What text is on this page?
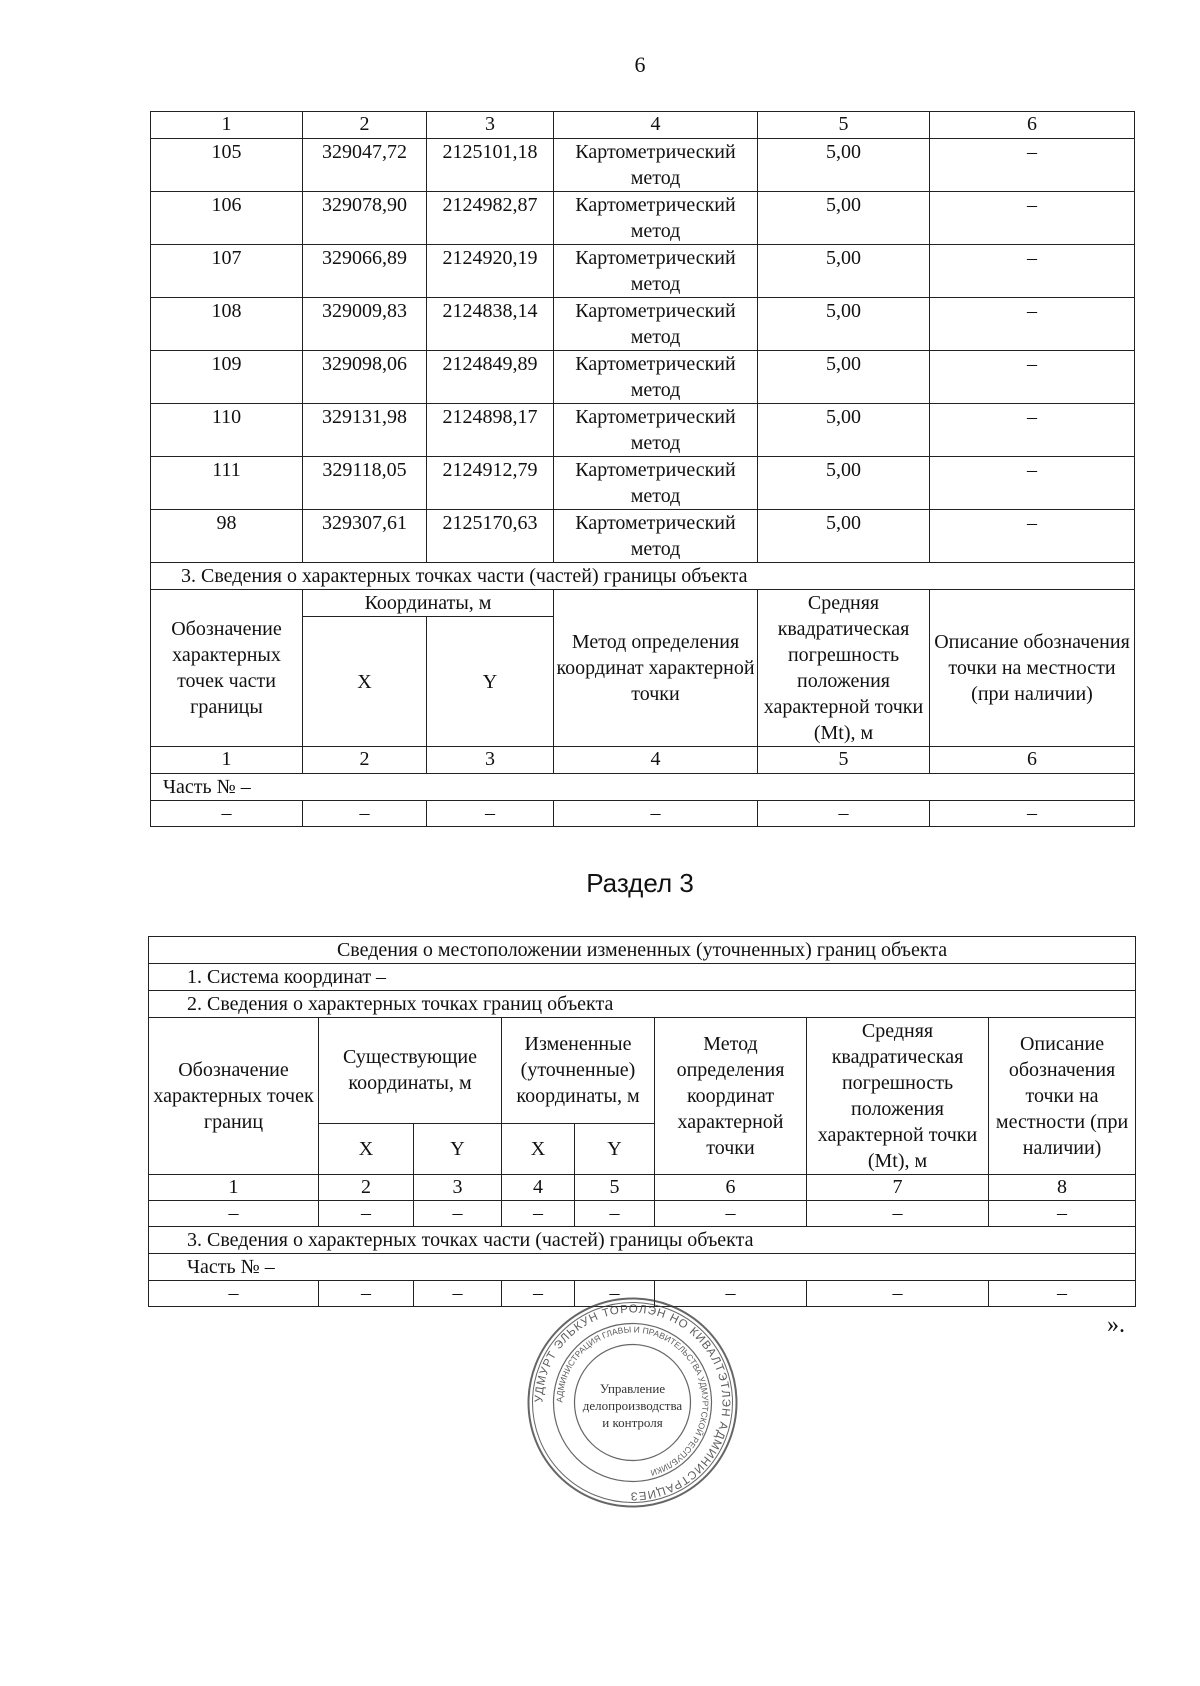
6
1	2	3	4	5	6
105	329047,72	2125101,18	Картометрический метод	5,00	–
106	329078,90	2124982,87	Картометрический метод	5,00	–
107	329066,89	2124920,19	Картометрический метод	5,00	–
108	329009,83	2124838,14	Картометрический метод	5,00	–
109	329098,06	2124849,89	Картометрический метод	5,00	–
110	329131,98	2124898,17	Картометрический метод	5,00	–
111	329118,05	2124912,79	Картометрический метод	5,00	–
98	329307,61	2125170,63	Картометрический метод	5,00	–
3. Сведения о характерных точках части (частей) границы объекта					
Обозначение характерных точек части границы	Координаты, м		Метод определения координат характерной точки	Средняя квадратическая погрешность положения характерной точки (Mt), м	Описание обозначения точки на местности (при наличии)
	X	Y			
1	2	3	4	5	6
Часть № –					
–	–	–	–	–	–
Раздел 3
Сведения о местоположении измененных (уточненных) границ объекта							
1. Система координат –							
2. Сведения о характерных точках границ объекта							
Обозначение характерных точек границ	Существующие координаты, м		Измененные (уточненные) координаты, м		Метод определения координат характерной точки	Средняя квадратическая погрешность положения характерной точки (Mt), м	Описание обозначения точки на местности (при наличии)
	X	Y	X	Y			
1	2	3	4	5	6	7	8
–	–	–	–	–	–	–	–
3. Сведения о характерных точках части (частей) границы объекта							
Часть № –							
–	–	–	–	–	–	–	–
».
УДМУРТ ЭЛЬКУН ТОРОЛЭН НО КИВАЛТЭТЛЭН АДМИНИСТРАЦИЕЗ
АДМИНИСТРАЦИЯ ГЛАВЫ И ПРАВИТЕЛЬСТВА УДМУРТСКОЙ РЕСПУБЛИКИ
Управление
делопроизводства
и контроля
